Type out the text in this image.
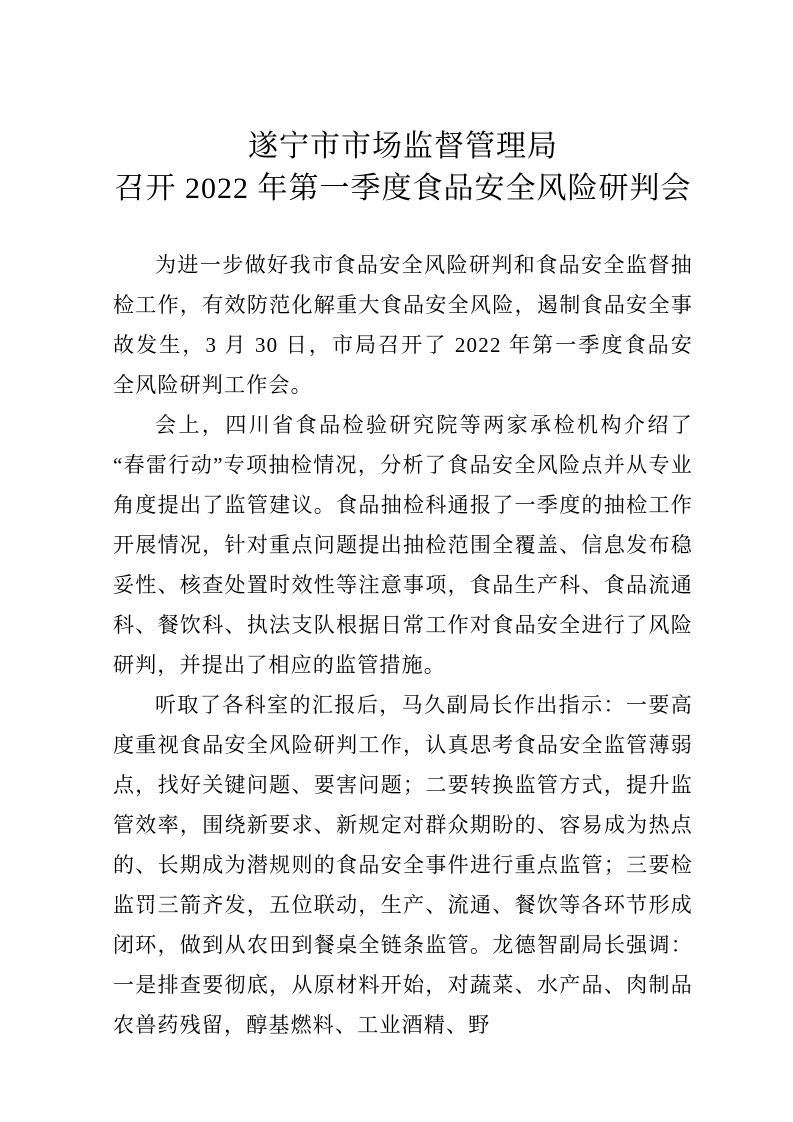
遂宁市市场监督管理局
召开 2022 年第一季度食品安全风险研判会

为进一步做好我市食品安全风险研判和食品安全监督抽检工作，有效防范化解重大食品安全风险，遏制食品安全事故发生，3 月 30 日，市局召开了 2022 年第一季度食品安全风险研判工作会。

会上，四川省食品检验研究院等两家承检机构介绍了“春雷行动”专项抽检情况，分析了食品安全风险点并从专业角度提出了监管建议。食品抽检科通报了一季度的抽检工作开展情况，针对重点问题提出抽检范围全覆盖、信息发布稳妥性、核查处置时效性等注意事项，食品生产科、食品流通科、餐饮科、执法支队根据日常工作对食品安全进行了风险研判，并提出了相应的监管措施。

听取了各科室的汇报后，马久副局长作出指示：一要高度重视食品安全风险研判工作，认真思考食品安全监管薄弱点，找好关键问题、要害问题；二要转换监管方式，提升监管效率，围绕新要求、新规定对群众期盼的、容易成为热点的、长期成为潜规则的食品安全事件进行重点监管；三要检监罚三箭齐发，五位联动，生产、流通、餐饮等各环节形成闭环，做到从农田到餐桌全链条监管。龙德智副局长强调：一是排查要彻底，从原材料开始，对蔬菜、水产品、肉制品农兽药残留，醇基燃料、工业酒精、野
